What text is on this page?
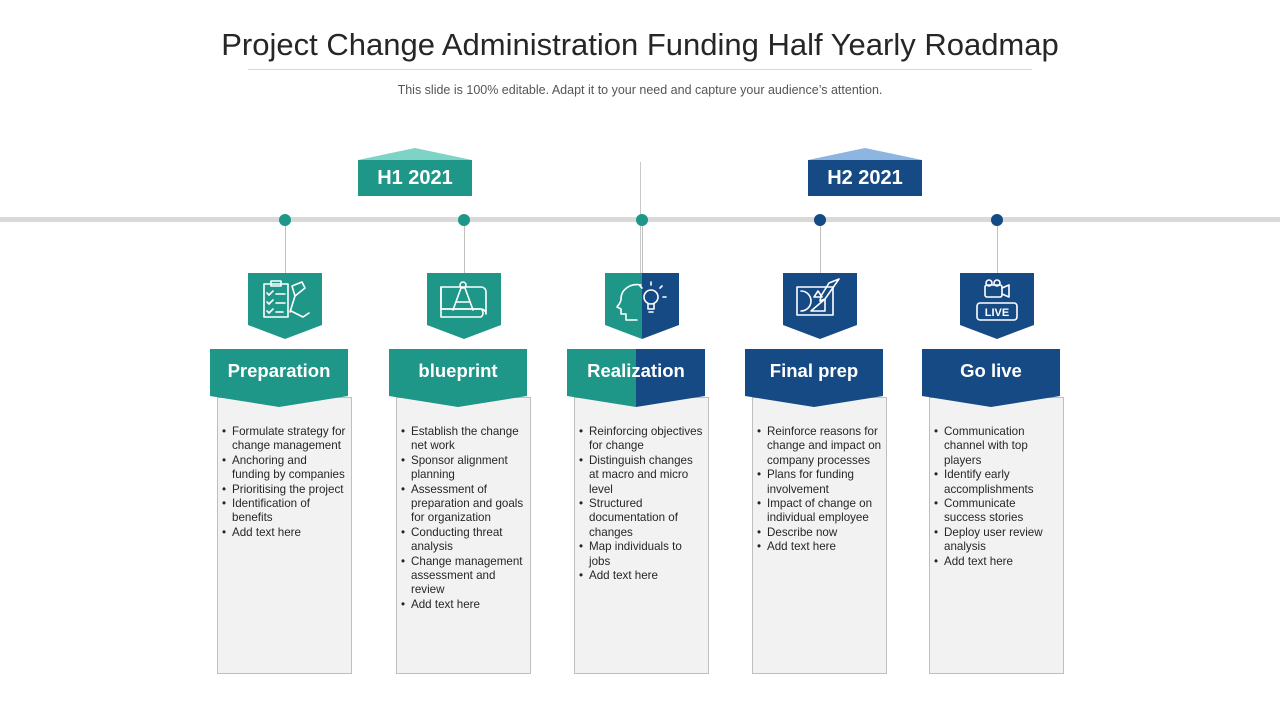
Project Change Administration Funding Half Yearly Roadmap
This slide is 100% editable. Adapt it to your need and capture your audience’s attention.
H1 2021	H2 2021
Preparation
• Formulate strategy for change management
• Anchoring and funding by companies
• Prioritising the project
• Identification of benefits
• Add text here
blueprint
• Establish the change net work
• Sponsor alignment planning
• Assessment of preparation and goals for organization
• Conducting threat analysis
• Change management assessment and review
• Add text here
Realization
• Reinforcing objectives for change
• Distinguish changes at macro and micro level
• Structured documentation of changes
• Map individuals to jobs
• Add text here
Final prep
• Reinforce reasons for change and impact on company processes
• Plans for funding involvement
• Impact of change on individual employee
• Describe now
• Add text here
Go live
LIVE
• Communication channel with top players
• Identify early accomplishments
• Communicate success stories
• Deploy user review analysis
• Add text here
